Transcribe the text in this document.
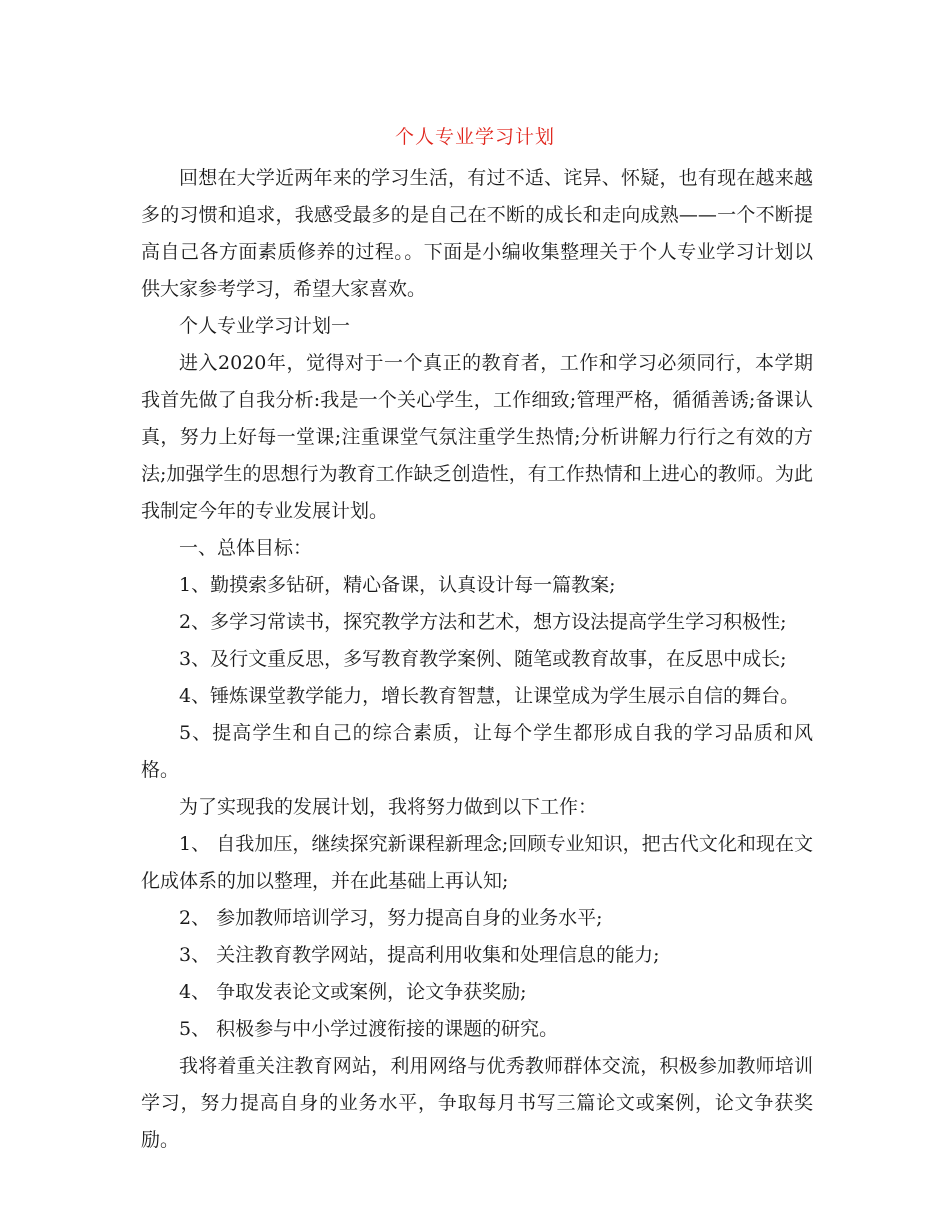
个人专业学习计划

回想在大学近两年来的学习生活，有过不适、诧异、怀疑，也有现在越来越多的习惯和追求，我感受最多的是自己在不断的成长和走向成熟——一个不断提高自己各方面素质修养的过程。。下面是小编收集整理关于个人专业学习计划以供大家参考学习，希望大家喜欢。

个人专业学习计划一

进入2020年，觉得对于一个真正的教育者，工作和学习必须同行，本学期我首先做了自我分析:我是一个关心学生，工作细致;管理严格，循循善诱;备课认真，努力上好每一堂课;注重课堂气氛注重学生热情;分析讲解力行行之有效的方法;加强学生的思想行为教育工作缺乏创造性，有工作热情和上进心的教师。为此我制定今年的专业发展计划。

一、总体目标：

1、勤摸索多钻研，精心备课，认真设计每一篇教案;

2、多学习常读书，探究教学方法和艺术，想方设法提高学生学习积极性;

3、及行文重反思，多写教育教学案例、随笔或教育故事，在反思中成长;

4、锤炼课堂教学能力，增长教育智慧，让课堂成为学生展示自信的舞台。

5、提高学生和自己的综合素质，让每个学生都形成自我的学习品质和风格。

为了实现我的发展计划，我将努力做到以下工作：

1、 自我加压，继续探究新课程新理念;回顾专业知识，把古代文化和现在文化成体系的加以整理，并在此基础上再认知;

2、 参加教师培训学习，努力提高自身的业务水平;

3、 关注教育教学网站，提高利用收集和处理信息的能力;

4、 争取发表论文或案例，论文争获奖励;

5、 积极参与中小学过渡衔接的课题的研究。

我将着重关注教育网站，利用网络与优秀教师群体交流，积极参加教师培训学习，努力提高自身的业务水平，争取每月书写三篇论文或案例，论文争获奖励。
